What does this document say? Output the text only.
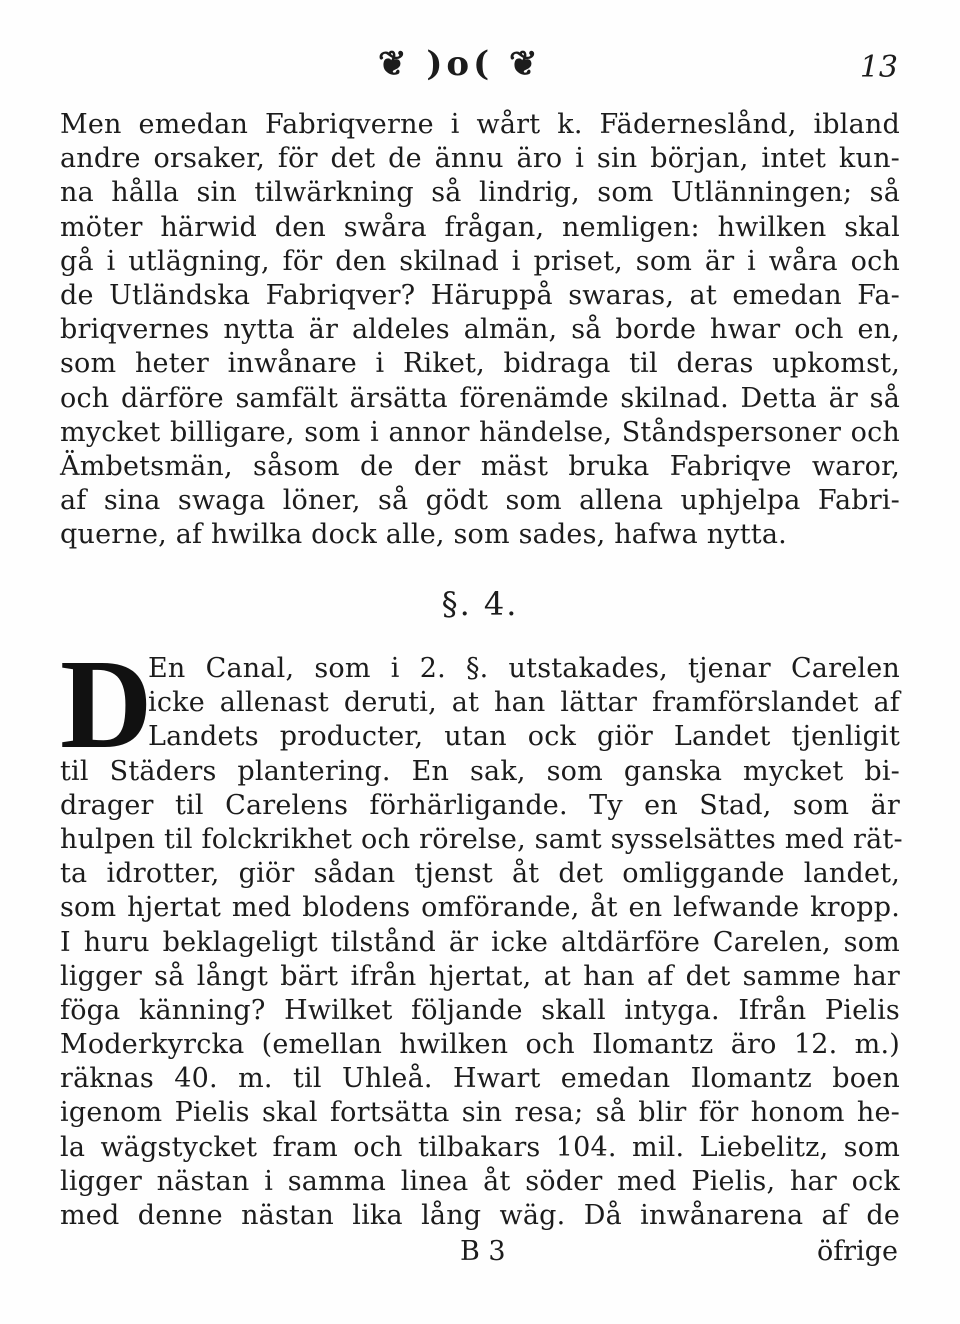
❦ )o( ❦	13
Men emedan Fabriqverne i wårt k. Fäderneslånd, ibland
andre orsaker, för det de ännu äro i sin början, intet kun-
na hålla sin tilwärkning så lindrig, som Utlänningen; så
möter härwid den swåra frågan, nemligen: hwilken skal
gå i utlägning, för den skilnad i priset, som är i wåra och
de Utländska Fabriqver? Häruppå swaras, at emedan Fa-
briqvernes nytta är aldeles almän, så borde hwar och en,
som heter inwånare i Riket, bidraga til deras upkomst,
och därföre samfält ärsätta förenämde skilnad. Detta är så
mycket billigare, som i annor händelse, Ståndspersoner och
Ämbetsmän, såsom de der mäst bruka Fabriqve waror,
af sina swaga löner, så gödt som allena uphjelpa Fabri-
querne, af hwilka dock alle, som sades, hafwa nytta.
§. 4.
D
En Canal, som i 2. §. utstakades, tjenar Carelen
icke allenast deruti, at han lättar framförslandet af
Landets producter, utan ock giör Landet tjenligit
til Städers plantering. En sak, som ganska mycket bi-
drager til Carelens förhärligande. Ty en Stad, som är
hulpen til folckrikhet och rörelse, samt sysselsättes med rät-
ta idrotter, giör sådan tjenst åt det omliggande landet,
som hjertat med blodens omförande, åt en lefwande kropp.
I huru beklageligt tilstånd är icke altdärföre Carelen, som
ligger så långt bärt ifrån hjertat, at han af det samme har
föga känning? Hwilket följande skall intyga. Ifrån Pielis
Moderkyrcka (emellan hwilken och Ilomantz äro 12. m.)
räknas 40. m. til Uhleå. Hwart emedan Ilomantz boen
igenom Pielis skal fortsätta sin resa; så blir för honom he-
la wägstycket fram och tilbakars 104. mil. Liebelitz, som
ligger nästan i samma linea åt söder med Pielis, har ock
med denne nästan lika lång wäg. Då inwånarena af de
B 3	öfrige
